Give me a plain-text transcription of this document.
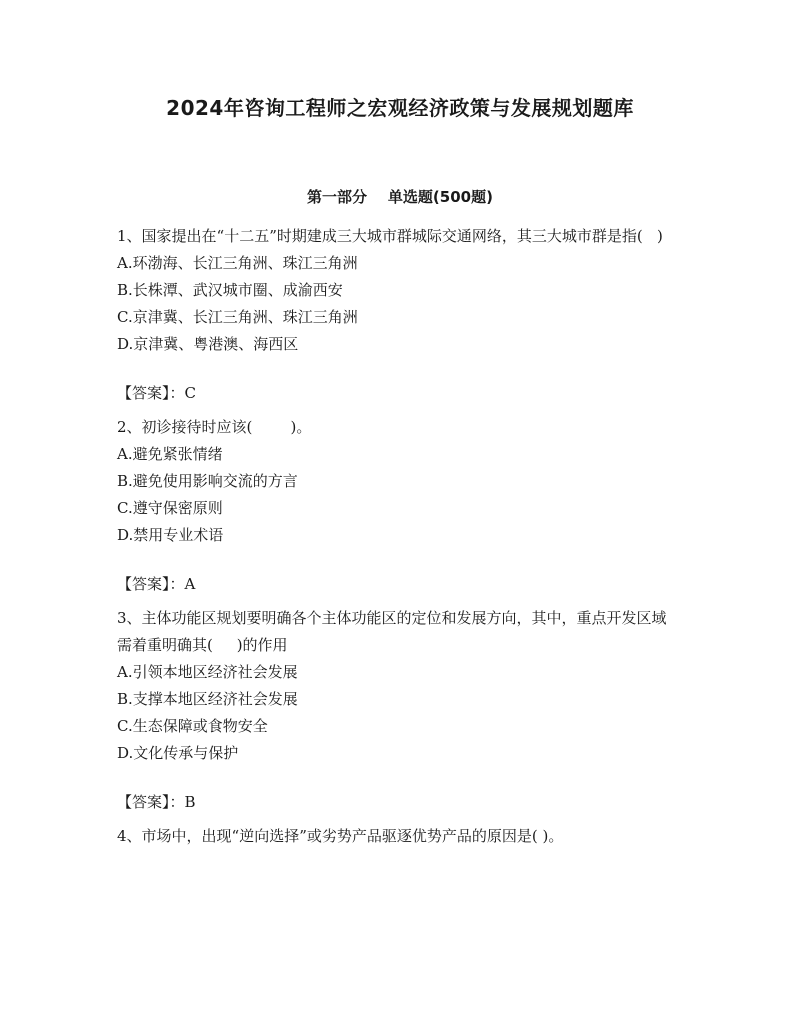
2024年咨询工程师之宏观经济政策与发展规划题库
第一部分    单选题(500题)

1、国家提出在“十二五”时期建成三大城市群城际交通网络，其三大城市群是指(   )

A.环渤海、长江三角洲、珠江三角洲

B.长株潭、武汉城市圈、成渝西安

C.京津冀、长江三角洲、珠江三角洲

D.京津冀、粤港澳、海西区

【答案】：C

2、初诊接待时应该(        )。

A.避免紧张情绪

B.避免使用影响交流的方言

C.遵守保密原则

D.禁用专业术语

【答案】：A

3、主体功能区规划要明确各个主体功能区的定位和发展方向，其中，重点开发区域需着重明确其(     )的作用

A.引领本地区经济社会发展

B.支撑本地区经济社会发展

C.生态保障或食物安全

D.文化传承与保护

【答案】：B

4、市场中，出现“逆向选择”或劣势产品驱逐优势产品的原因是( )。
